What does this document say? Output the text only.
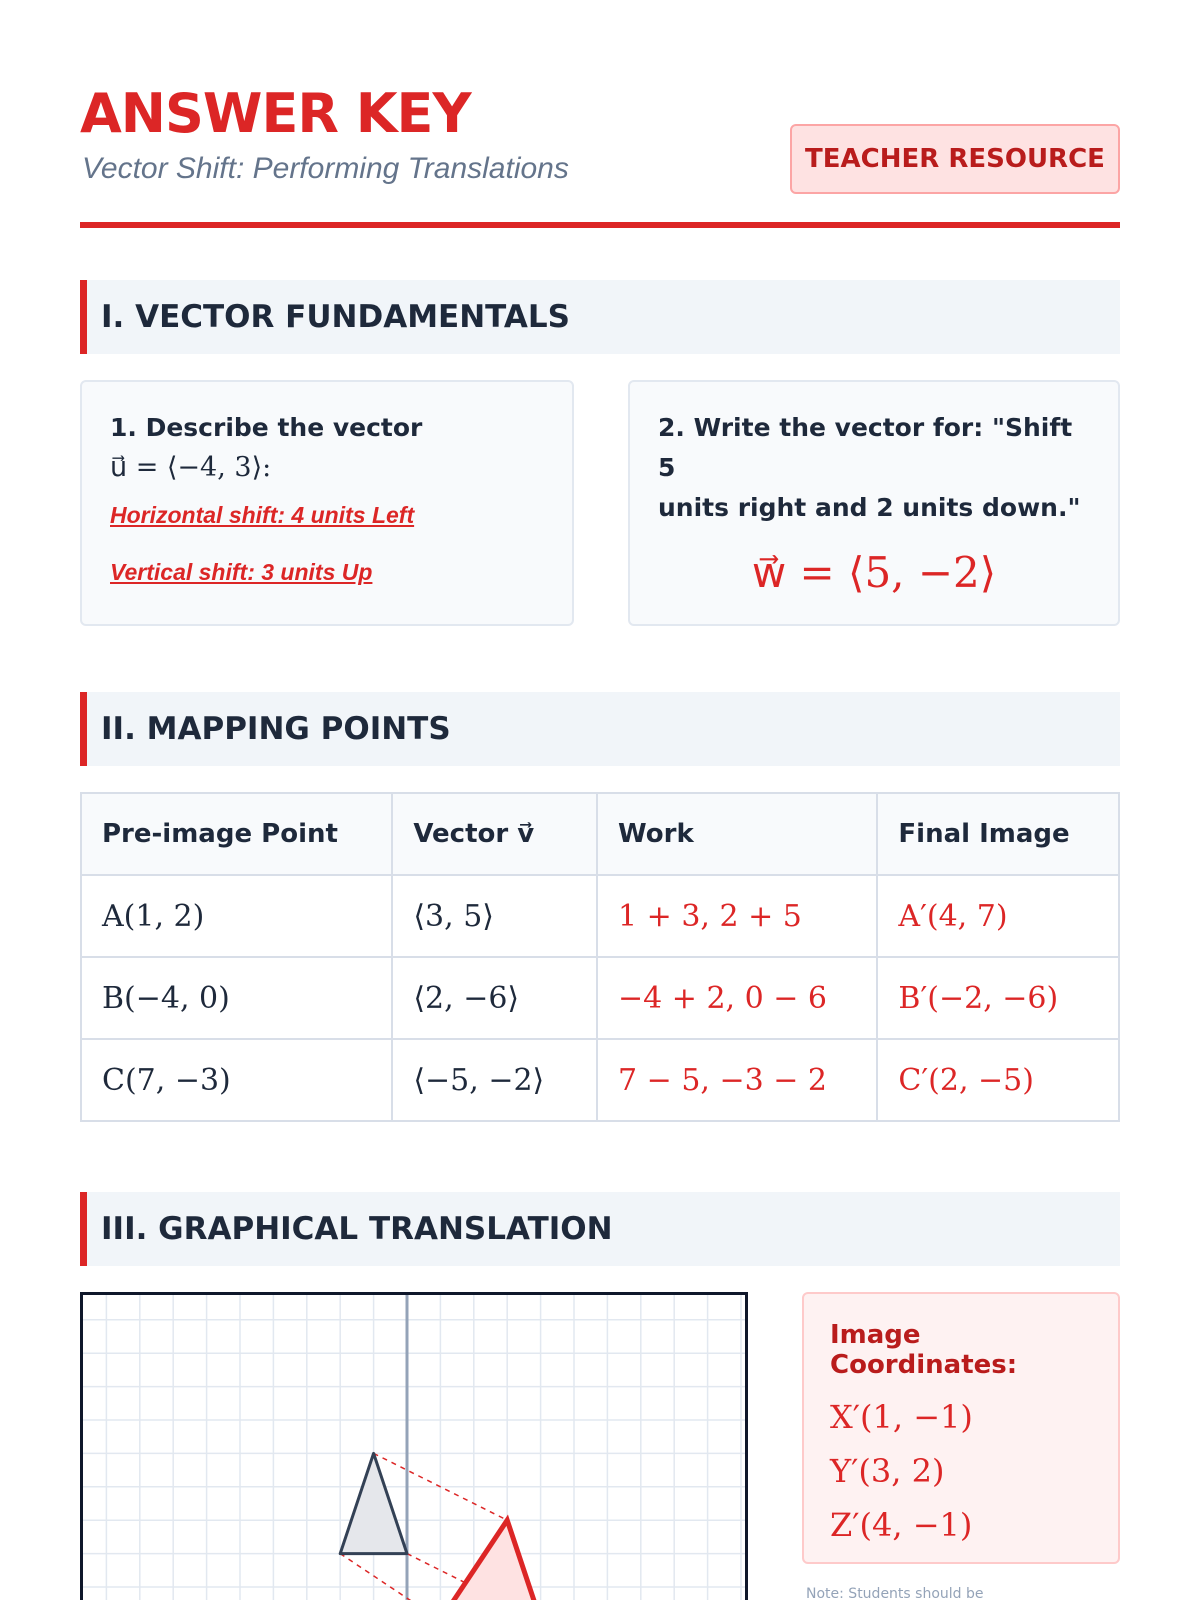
ANSWER KEY
Vector Shift: Performing Translations	TEACHER RESOURCE
I. VECTOR FUNDAMENTALS
1. Describe the vector
u⃗ = ⟨−4, 3⟩:
Horizontal shift: 4 units Left
Vertical shift: 3 units Up
2. Write the vector for: "Shift 5
units right and 2 units down."
w⃗ = ⟨5, −2⟩
II. MAPPING POINTS
Pre-image Point	Vector v⃗	Work	Final Image
A(1, 2)	⟨3, 5⟩	1 + 3, 2 + 5	A′(4, 7)
B(−4, 0)	⟨2, −6⟩	−4 + 2, 0 − 6	B′(−2, −6)
C(7, −3)	⟨−5, −2⟩	7 − 5, −3 − 2	C′(2, −5)
III. GRAPHICAL TRANSLATION
Image Coordinates:
X′(1, −1)
Y′(3, 2)
Z′(4, −1)
Note: Students should be
